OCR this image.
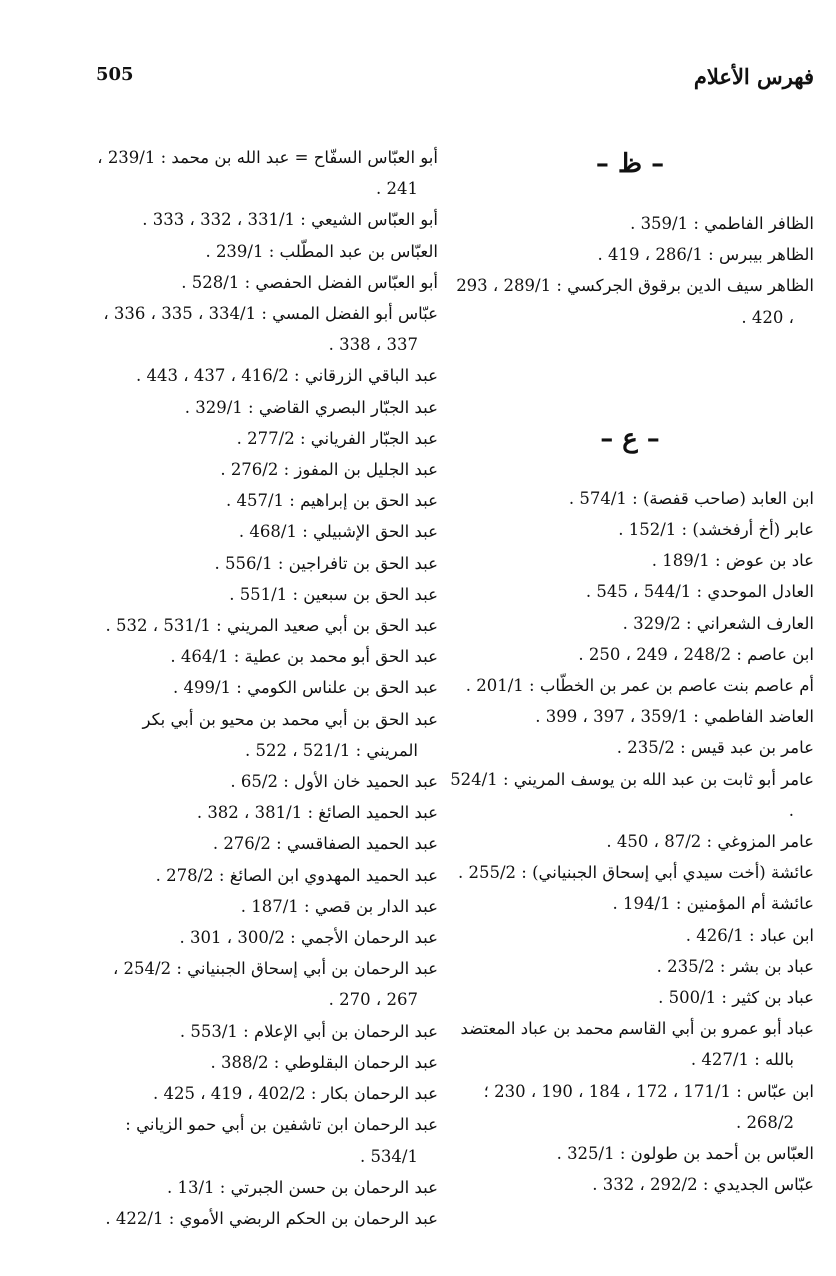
505	فهرس الأعلام
– ظ –
الظافر الفاطمي : 359/1 .
الظاهر بيبرس : 286/1 ، 419 .
الظاهر سيف الدين برقوق الجركسي : 289/1 ، 293 ، 420 .
– ع –
ابن العابد (صاحب قفصة) : 574/1 .
عابر (أخ أرفخشد) : 152/1 .
عاد بن عوض : 189/1 .
العادل الموحدي : 544/1 ، 545 .
العارف الشعراني : 329/2 .
ابن عاصم : 248/2 ، 249 ، 250 .
أم عاصم بنت عاصم بن عمر بن الخطّاب : 201/1 .
العاضد الفاطمي : 359/1 ، 397 ، 399 .
عامر بن عبد قيس : 235/2 .
عامر أبو ثابت بن عبد الله بن يوسف المريني : 524/1 .
عامر المزوغي : 87/2 ، 450 .
عائشة (أخت سيدي أبي إسحاق الجبنياني) : 255/2 .
عائشة أم المؤمنين : 194/1 .
ابن عباد : 426/1 .
عباد بن بشر : 235/2 .
عباد بن كثير : 500/1 .
عباد أبو عمرو بن أبي القاسم محمد بن عباد المعتضد بالله : 427/1 .
ابن عبّاس : 171/1 ، 172 ، 184 ، 190 ، 230 ؛ 268/2 .
العبّاس بن أحمد بن طولون : 325/1 .
عبّاس الجديدي : 292/2 ، 332 .
أبو العبّاس السفّاح = عبد الله بن محمد : 239/1 ، 241 .
أبو العبّاس الشيعي : 331/1 ، 332 ، 333 .
العبّاس بن عبد المطّلب : 239/1 .
أبو العبّاس الفضل الحفصي : 528/1 .
عبّاس أبو الفضل المسي : 334/1 ، 335 ، 336 ، 337 ، 338 .
عبد الباقي الزرقاني : 416/2 ، 437 ، 443 .
عبد الجبّار البصري القاضي : 329/1 .
عبد الجبّار الفرياني : 277/2 .
عبد الجليل بن المفوز : 276/2 .
عبد الحق بن إبراهيم : 457/1 .
عبد الحق الإشبيلي : 468/1 .
عبد الحق بن تافراجين : 556/1 .
عبد الحق بن سبعين : 551/1 .
عبد الحق بن أبي صعيد المريني : 531/1 ، 532 .
عبد الحق أبو محمد بن عطية : 464/1 .
عبد الحق بن علناس الكومي : 499/1 .
عبد الحق بن أبي محمد بن محيو بن أبي بكر المريني : 521/1 ، 522 .
عبد الحميد خان الأول : 65/2 .
عبد الحميد الصائغ : 381/1 ، 382 .
عبد الحميد الصفاقسي : 276/2 .
عبد الحميد المهدوي ابن الصائغ : 278/2 .
عبد الدار بن قصي : 187/1 .
عبد الرحمان الأجمي : 300/2 ، 301 .
عبد الرحمان بن أبي إسحاق الجبنياني : 254/2 ، 267 ، 270 .
عبد الرحمان بن أبي الإعلام : 553/1 .
عبد الرحمان البقلوطي : 388/2 .
عبد الرحمان بكار : 402/2 ، 419 ، 425 .
عبد الرحمان ابن تاشفين بن أبي حمو الزياني : 534/1 .
عبد الرحمان بن حسن الجبرتي : 13/1 .
عبد الرحمان بن الحكم الربضي الأموي : 422/1 .
